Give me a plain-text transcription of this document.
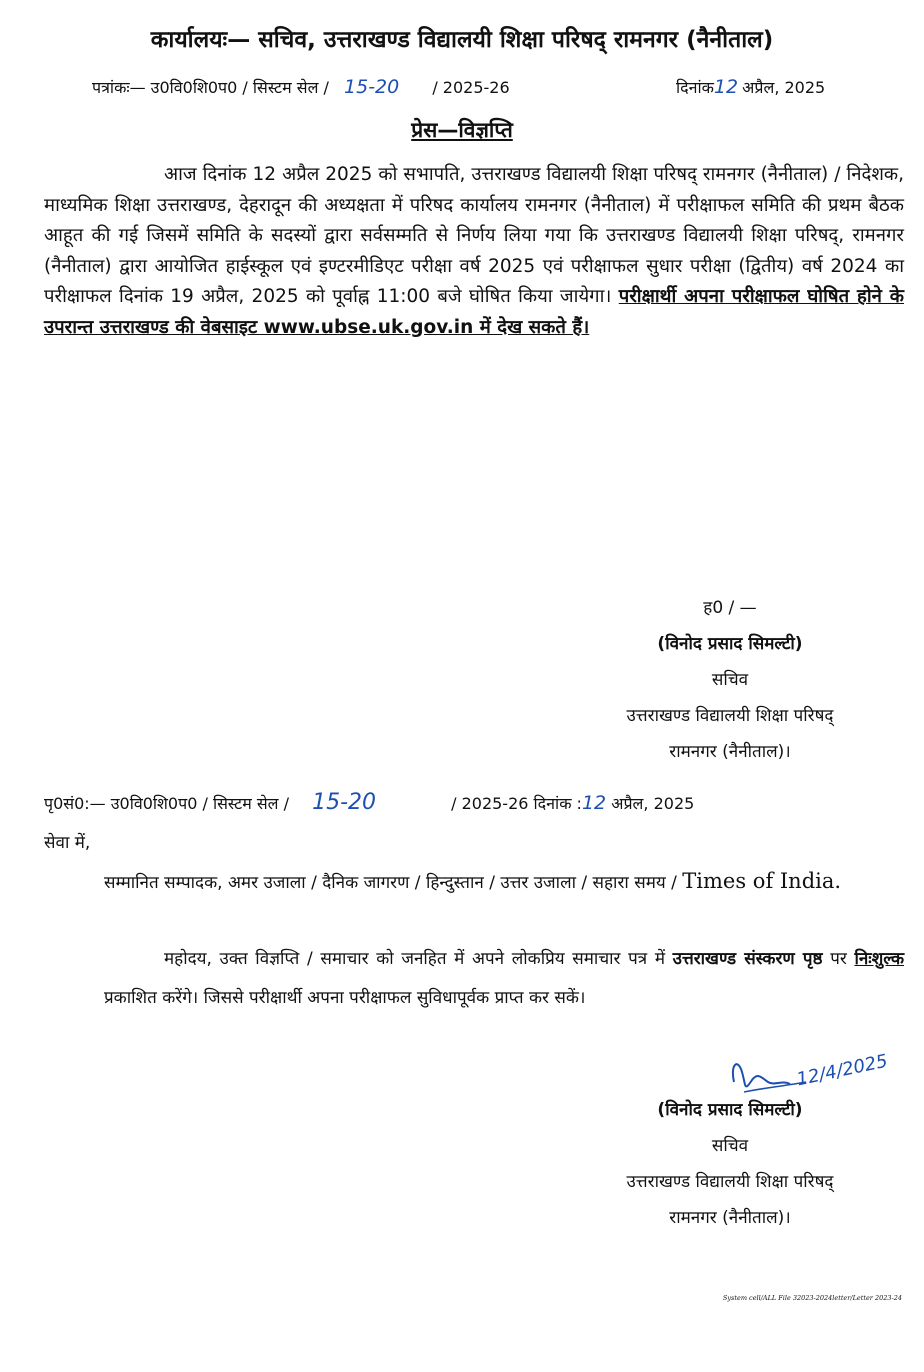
कार्यालयः— सचिव, उत्तराखण्ड विद्यालयी शिक्षा परिषद् रामनगर (नैनीताल)
पत्रांकः— उ0वि0शि0प0 / सिस्टम सेल / 15-20 / 2025-26	दिनांक12 अप्रैल, 2025
प्रेस—विज्ञप्ति
आज दिनांक 12 अप्रैल 2025 को सभापति, उत्तराखण्ड विद्यालयी शिक्षा परिषद् रामनगर (नैनीताल) / निदेशक, माध्यमिक शिक्षा उत्तराखण्ड, देहरादून की अध्यक्षता में परिषद कार्यालय रामनगर (नैनीताल) में परीक्षाफल समिति की प्रथम बैठक आहूत की गई जिसमें समिति के सदस्यों द्वारा सर्वसम्मति से निर्णय लिया गया कि उत्तराखण्ड विद्यालयी शिक्षा परिषद्, रामनगर (नैनीताल) द्वारा आयोजित हाईस्कूल एवं इण्टरमीडिएट परीक्षा वर्ष 2025 एवं परीक्षाफल सुधार परीक्षा (द्वितीय) वर्ष 2024 का परीक्षाफल दिनांक 19 अप्रैल, 2025 को पूर्वाह्न 11:00 बजे घोषित किया जायेगा। परीक्षार्थी अपना परीक्षाफल घोषित होने के उपरान्त उत्तराखण्ड की वेबसाइट www.ubse.uk.gov.in में देख सकते हैं।
ह0 / —
(विनोद प्रसाद सिमल्टी)
सचिव
उत्तराखण्ड विद्यालयी शिक्षा परिषद्
रामनगर (नैनीताल)।
पृ0सं0:— उ0वि0शि0प0 / सिस्टम सेल / 15-20	/ 2025-26 दिनांक :12 अप्रैल, 2025
सेवा में,
सम्मानित सम्पादक, अमर उजाला / दैनिक जागरण / हिन्दुस्तान / उत्तर उजाला / सहारा समय / Times of India.
महोदय, उक्त विज्ञप्ति / समाचार को जनहित में अपने लोकप्रिय समाचार पत्र में उत्तराखण्ड संस्करण पृष्ठ पर निःशुल्क प्रकाशित करेंगे। जिससे परीक्षार्थी अपना परीक्षाफल सुविधापूर्वक प्राप्त कर सकें।
12/4/2025
(विनोद प्रसाद सिमल्टी)
सचिव
उत्तराखण्ड विद्यालयी शिक्षा परिषद्
रामनगर (नैनीताल)।
System cell/ALL File 32023-2024letter/Letter 2023-24
